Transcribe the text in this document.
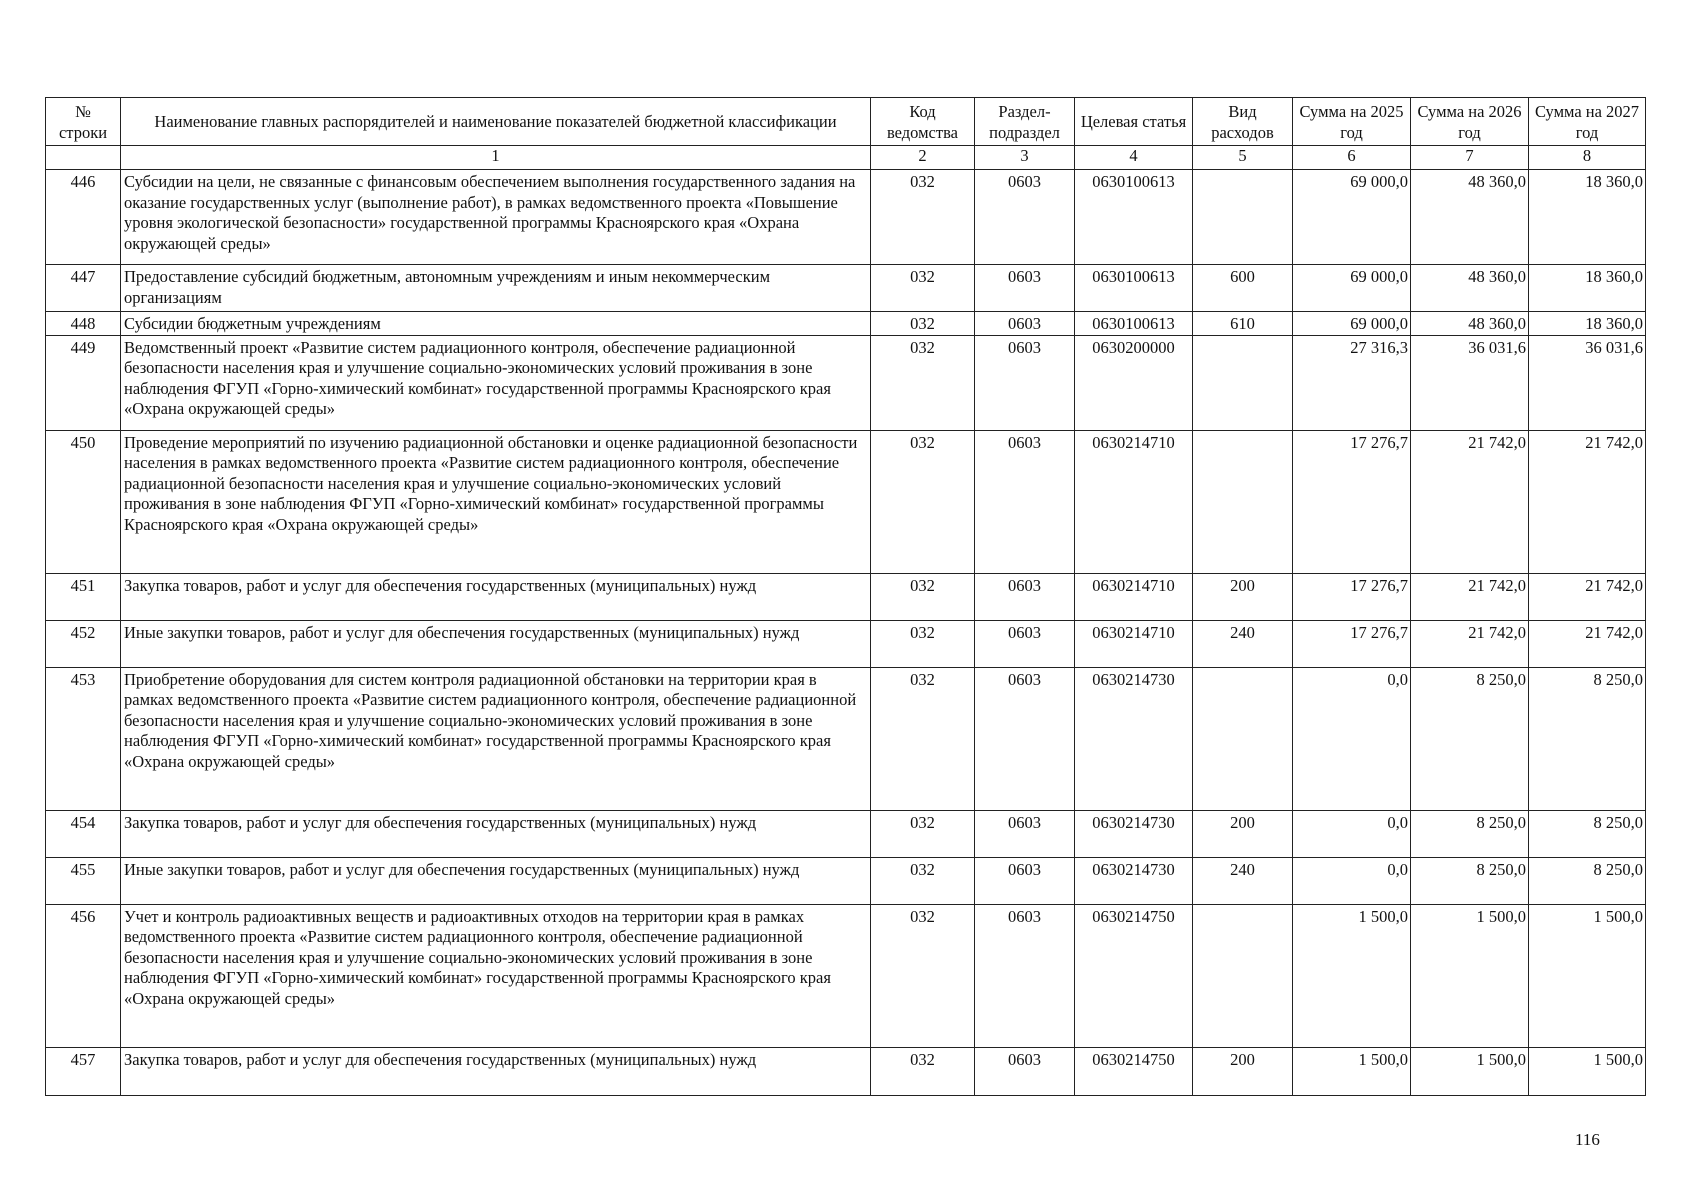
№
строки	Наименование главных распорядителей и наименование показателей бюджетной классификации	Код ведомства	Раздел-подраздел	Целевая статья	Вид расходов	Сумма на 2025 год	Сумма на 2026 год	Сумма на 2027 год
	1	2	3	4	5	6	7	8
446	Субсидии на цели, не связанные с финансовым обеспечением выполнения государственного задания на оказание государственных услуг (выполнение работ), в рамках ведомственного проекта «Повышение уровня экологической безопасности» государственной программы Красноярского края «Охрана окружающей среды»	032	0603	0630100613		69 000,0	48 360,0	18 360,0
447	Предоставление субсидий бюджетным, автономным учреждениям и иным некоммерческим организациям	032	0603	0630100613	600	69 000,0	48 360,0	18 360,0
448	Субсидии бюджетным учреждениям	032	0603	0630100613	610	69 000,0	48 360,0	18 360,0
449	Ведомственный проект «Развитие систем радиационного контроля, обеспечение радиационной безопасности населения края и улучшение социально-экономических условий проживания в зоне наблюдения ФГУП «Горно-химический комбинат» государственной программы Красноярского края «Охрана окружающей среды»	032	0603	0630200000		27 316,3	36 031,6	36 031,6
450	Проведение мероприятий по изучению радиационной обстановки и оценке радиационной безопасности населения в рамках ведомственного проекта «Развитие систем радиационного контроля, обеспечение радиационной безопасности населения края и улучшение социально-экономических условий проживания в зоне наблюдения ФГУП «Горно-химический комбинат» государственной программы Красноярского края «Охрана окружающей среды»	032	0603	0630214710		17 276,7	21 742,0	21 742,0
451	Закупка товаров, работ и услуг для обеспечения государственных (муниципальных) нужд	032	0603	0630214710	200	17 276,7	21 742,0	21 742,0
452	Иные закупки товаров, работ и услуг для обеспечения государственных (муниципальных) нужд	032	0603	0630214710	240	17 276,7	21 742,0	21 742,0
453	Приобретение оборудования для систем контроля радиационной обстановки на территории края в рамках ведомственного проекта «Развитие систем радиационного контроля, обеспечение радиационной безопасности населения края и улучшение социально-экономических условий проживания в зоне наблюдения ФГУП «Горно-химический комбинат» государственной программы Красноярского края «Охрана окружающей среды»	032	0603	0630214730		0,0	8 250,0	8 250,0
454	Закупка товаров, работ и услуг для обеспечения государственных (муниципальных) нужд	032	0603	0630214730	200	0,0	8 250,0	8 250,0
455	Иные закупки товаров, работ и услуг для обеспечения государственных (муниципальных) нужд	032	0603	0630214730	240	0,0	8 250,0	8 250,0
456	Учет и контроль радиоактивных веществ и радиоактивных отходов на территории края в рамках ведомственного проекта «Развитие систем радиационного контроля, обеспечение радиационной безопасности населения края и улучшение социально-экономических условий проживания в зоне наблюдения ФГУП «Горно-химический комбинат» государственной программы Красноярского края «Охрана окружающей среды»	032	0603	0630214750		1 500,0	1 500,0	1 500,0
457	Закупка товаров, работ и услуг для обеспечения государственных (муниципальных) нужд	032	0603	0630214750	200	1 500,0	1 500,0	1 500,0
116
